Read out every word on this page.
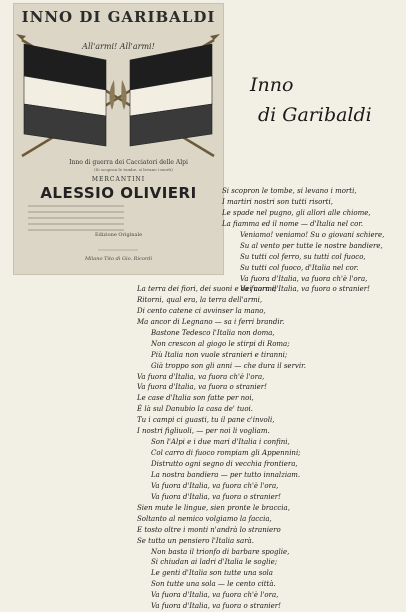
INNO DI GARIBALDI
All'armi! All'armi!
Inno di guerra dei Cacciatori delle Alpi
(Si scopron le tombe, si levano i morti)
MERCANTINI
ALESSIO OLIVIERI
Edizione Originale
Milano Tito di Gio. Ricordi
Inno
di Garibaldi
Si scopron le tombe, si levano i morti,
I martiri nostri son tutti risorti,
Le spade nel pugno, gli allori alle chiome,
La fiamma ed il nome — d'Italia nel cor.
Veniamo! veniamo! Su o giovani schiere,
Su al vento per tutte le nostre bandiere,
Su tutti col ferro, su tutti col fuoco,
Su tutti col fuoco, d'Italia nel cor.
Va fuora d'Italia, va fuora ch'è l'ora,
Va fuora d'Italia, va fuora o stranier!
La terra dei fiori, dei suoni e dei carmi;
Ritorni, qual era, la terra dell'armi,
Di cento catene ci avvinser la mano,
Ma ancor di Legnano — sa i ferri brandir.
Bastone Tedesco l'Italia non doma,
Non crescon al giogo le stirpi di Roma;
Più Italia non vuole stranieri e tiranni;
Già troppo son gli anni — che dura il servir.
Va fuora d'Italia, va fuora ch'è l'ora,
Va fuora d'Italia, va fuora o stranier!
Le case d'Italia son fatte per noi,
È là sul Danubio la casa de' tuoi.
Tu i campi ci guasti, tu il pane c'involi,
I nostri figliuoli, — per noi li vogliam.
Son l'Alpi e i due mari d'Italia i confini,
Col carro di fuoco rompiam gli Appennini;
Distrutto ogni segno di vecchia frontiera,
La nostra bandiera — per tutto innalziam.
Va fuora d'Italia, va fuora ch'è l'ora,
Va fuora d'Italia, va fuora o stranier!
Sien mute le lingue, sien pronte le braccia,
Soltanto al nemico volgiamo la faccia,
E tosto oltre i monti n'andrà lo straniero
Se tutta un pensiero l'Italia sarà.
Non basta il trionfo di barbare spoglie,
Si chiudan ai ladri d'Italia le soglie;
Le genti d'Italia son tutte una sola
Son tutte una sola — le cento città.
Va fuora d'Italia, va fuora ch'è l'ora,
Va fuora d'Italia, va fuora o stranier!
